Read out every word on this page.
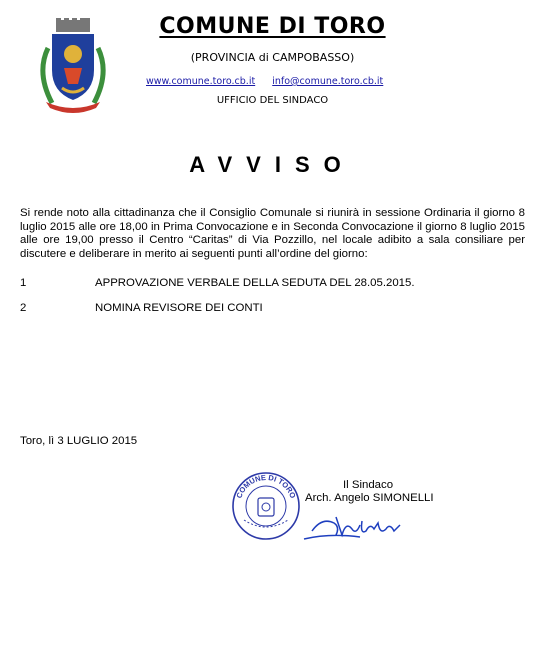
COMUNE DI TORO
(PROVINCIA di CAMPOBASSO)
www.comune.toro.cb.it info@comune.toro.cb.it
UFFICIO DEL SINDACO
AVVISO
Si rende noto alla cittadinanza che il Consiglio Comunale si riunirà in sessione Ordinaria il giorno 8 luglio 2015 alle ore 18,00 in Prima Convocazione e in Seconda Convocazione il giorno 8 luglio 2015 alle ore 19,00 presso il Centro “Caritas” di Via Pozzillo, nel locale adibito a sala consiliare per discutere e deliberare in merito ai seguenti punti all’ordine del giorno:
1	APPROVAZIONE VERBALE DELLA SEDUTA DEL 28.05.2015.
2	NOMINA REVISORE DEI CONTI
Toro, lì 3 LUGLIO 2015
COMUNE DI TORO
Il Sindaco
Arch. Angelo SIMONELLI
